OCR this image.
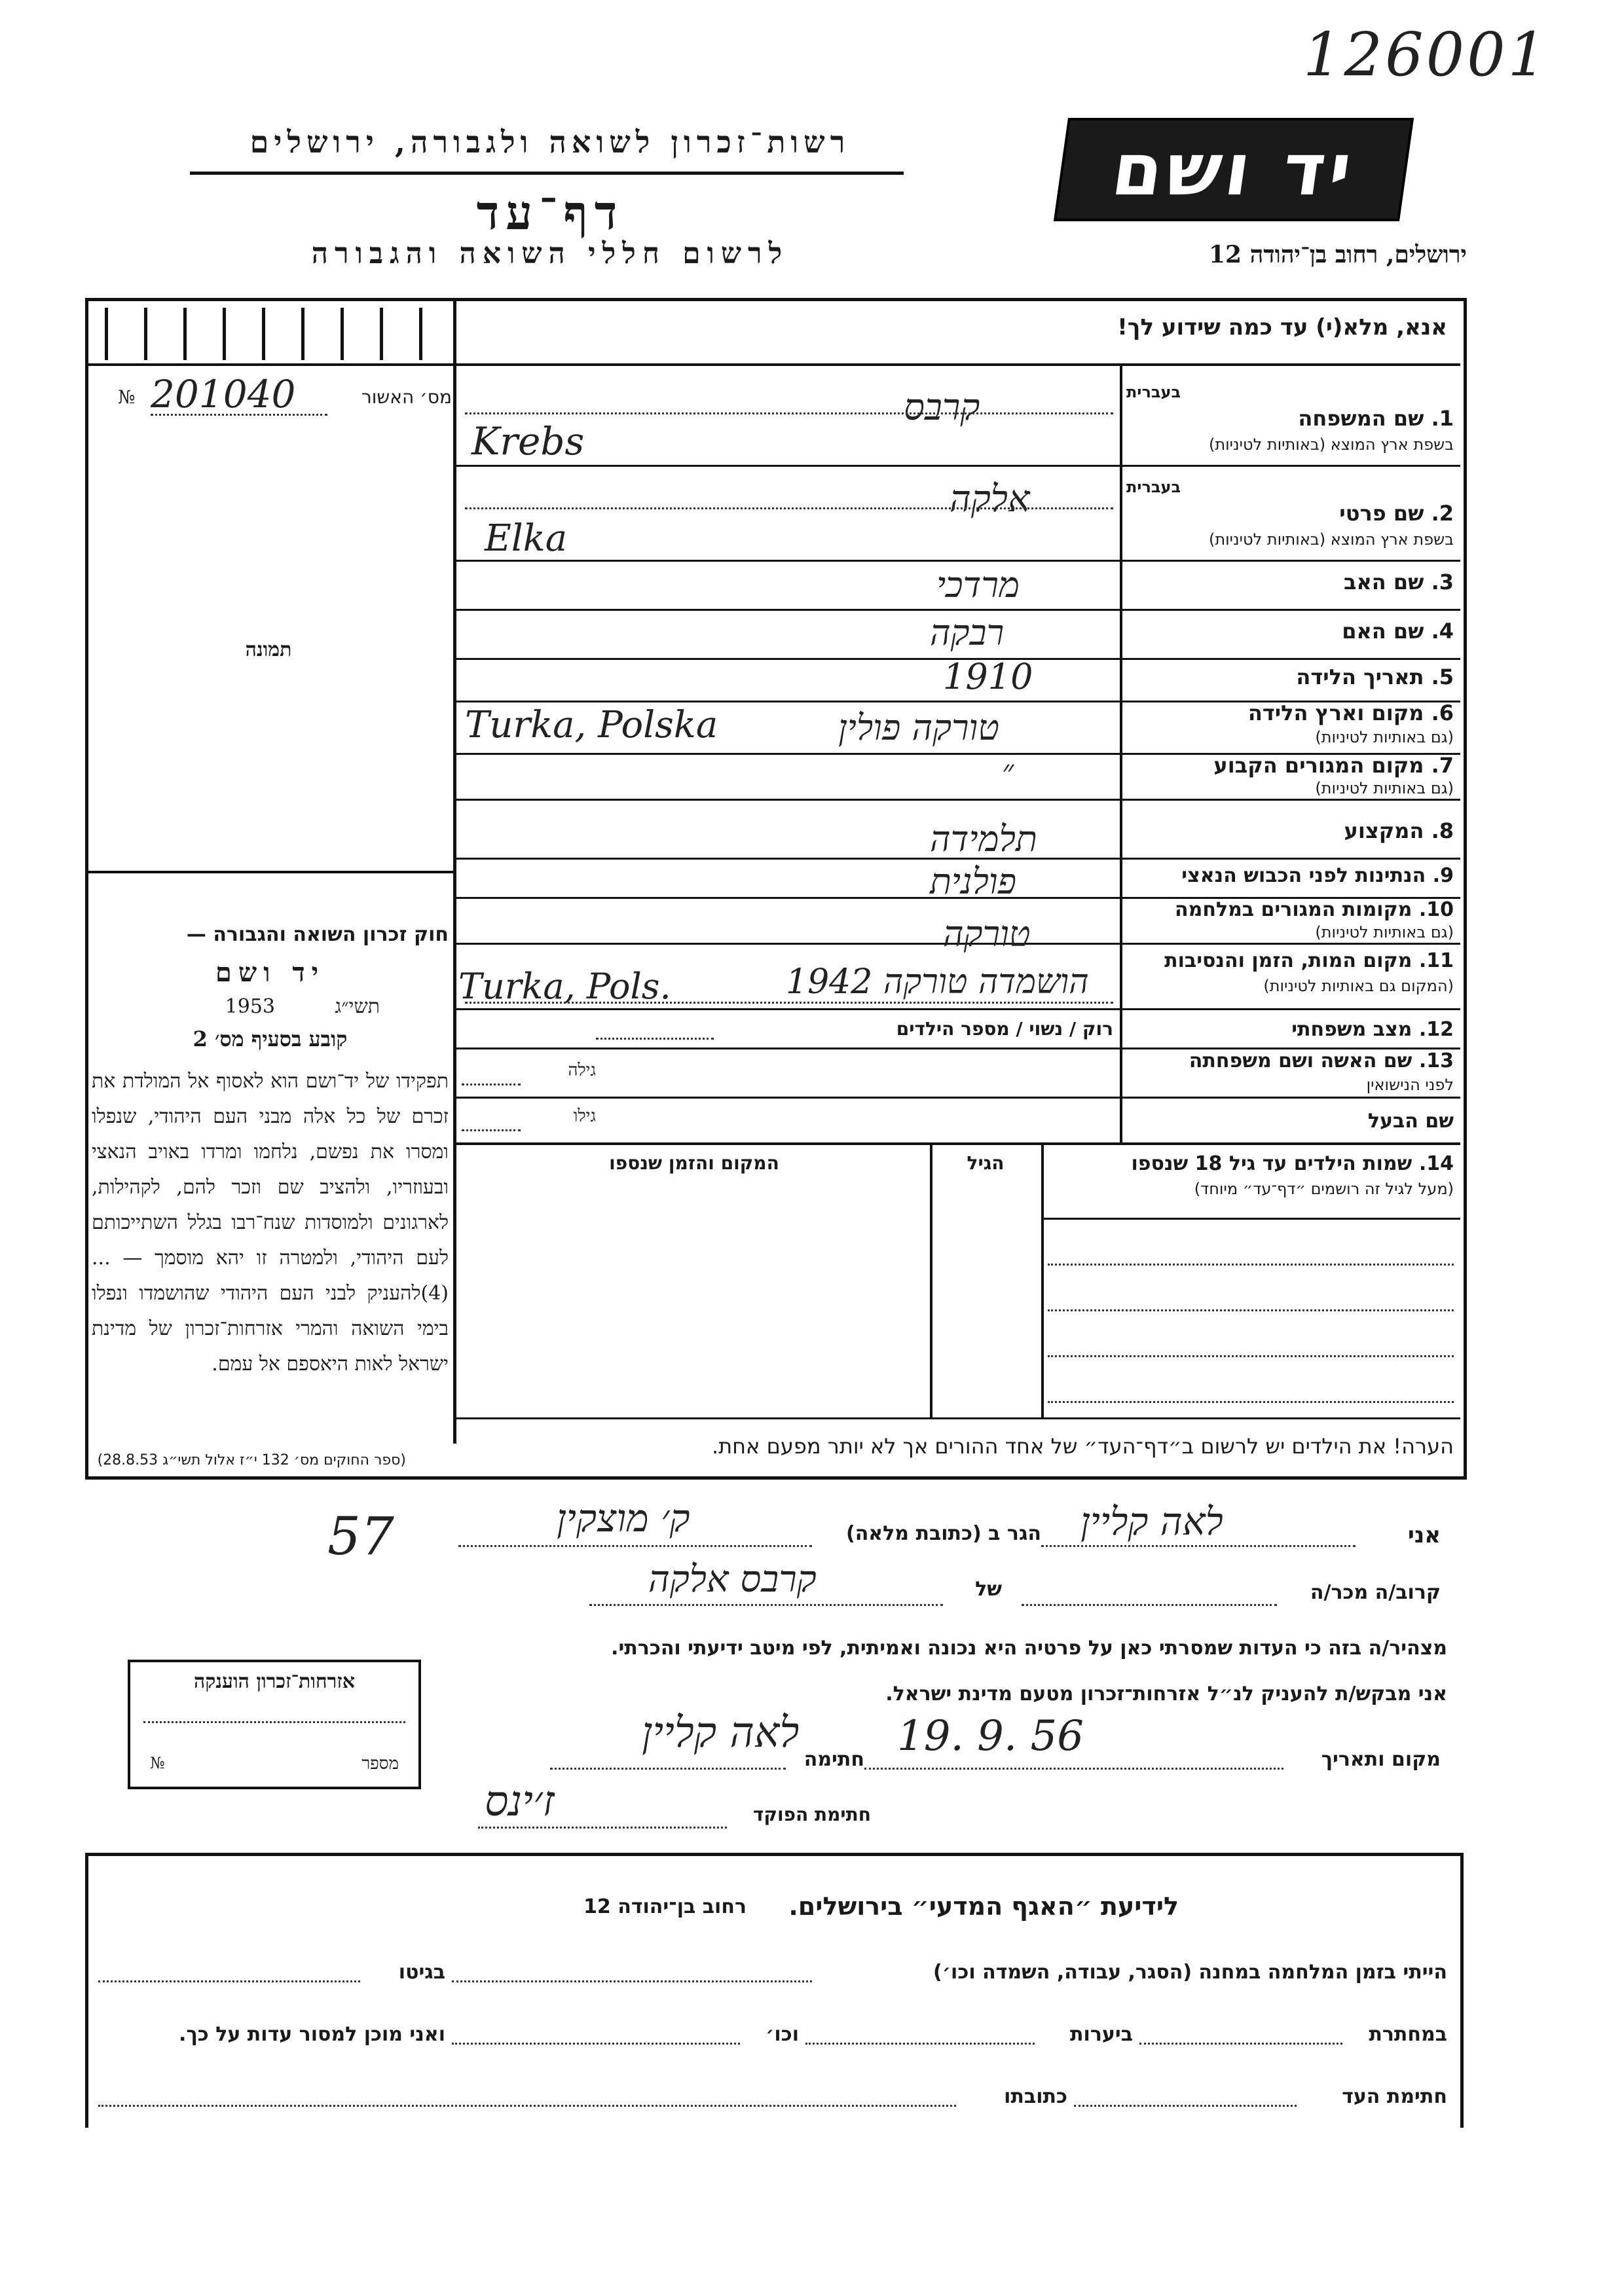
126001
רשות־זכרון לשואה ולגבורה, ירושלים
דף־עד
לרשום חללי השואה והגבורה
יד ושם
ירושלים, רחוב בן־יהודה 12
מס׳ האשור
№ 201040
תמונה
חוק זכרון השואה והגבורה —
יד ושם
1953	תשי״ג
קובע בסעיף מס׳ 2
תפקידו של יד־ושם הוא לאסוף אל המולדת את זכרם של כל אלה מבני העם היהודי, שנפלו ומסרו את נפשם, נלחמו ומרדו באויב הנאצי ובעוזריו, ולהציב שם וזכר להם, לקהילות, לארגונים ולמוסדות שנח־רבו בגלל השתייכותם לעם היהודי, ולמטרה זו יהא מוסמך — ...(4)להעניק לבני העם היהודי שהושמדו ונפלו בימי השואה והמרי אזרחות־זכרון של מדינת ישראל לאות היאספם אל עמם.
(ספר החוקים מס׳ 132 י״ז אלול תשי״ג 28.8.53)
אנא, מלא(י) עד כמה שידוע לך!
1. שם המשפחה
בעברית
בשפת ארץ המוצא (באותיות לטיניות)
קרבס
Krebs
2. שם פרטי
בעברית
בשפת ארץ המוצא (באותיות לטיניות)
אלקה
Elka
3. שם האב
מרדכי
4. שם האם
רבקה
5. תאריך הלידה
1910
6. מקום וארץ הלידה
(גם באותיות לטיניות)
טורקה פולין
Turka, Polska
7. מקום המגורים הקבוע
(גם באותיות לטיניות)
״
8. המקצוע
תלמידה
9. הנתינות לפני הכבוש הנאצי
פולנית
10. מקומות המגורים במלחמה
(גם באותיות לטיניות)
טורקה
11. מקום המות, הזמן והנסיבות
(המקום גם באותיות לטיניות)
הושמדה טורקה 1942
Turka, Pols.
12. מצב משפחתי
רוק / נשוי / מספר הילדים
13. שם האשה ושם משפחתה
לפני הנישואין
גילה
שם הבעל
גילו
14. שמות הילדים עד גיל 18 שנספו
(מעל לגיל זה רושמים ״דף־עד״ מיוחד)
הגיל
המקום והזמן שנספו
הערה! את הילדים יש לרשום ב״דף־העד״ של אחד ההורים אך לא יותר מפעם אחת.
אני
לאה קליין
הגר ב (כתובת מלאה)
ק׳ מוצקין
57
קרוב/ה מכר/ה
של
קרבס אלקה
מצהיר/ה בזה כי העדות שמסרתי כאן על פרטיה היא נכונה ואמיתית, לפי מיטב ידיעתי והכרתי.
אני מבקש/ת להעניק לנ״ל אזרחות־זכרון מטעם מדינת ישראל.
מקום ותאריך
19. 9. 56
חתימה
לאה קליין
חתימת הפוקד
ז׳ינס
אזרחות־זכרון הוענקה
מספר
№
לידיעת ״האגף המדעי״ בירושלים.
רחוב בן־יהודה 12
הייתי בזמן המלחמה במחנה (הסגר, עבודה, השמדה וכו׳)
בגיטו
במחתרת
ביערות
וכו׳
ואני מוכן למסור עדות על כך.
חתימת העד
כתובתו
